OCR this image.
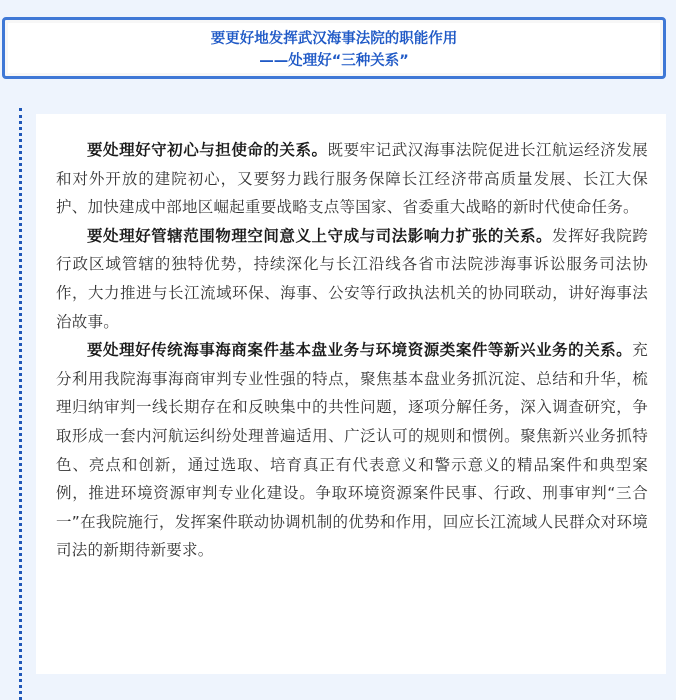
要更好地发挥武汉海事法院的职能作用
——处理好“三种关系”

要处理好守初心与担使命的关系。既要牢记武汉海事法院促进长江航运经济发展和对外开放的建院初心，又要努力践行服务保障长江经济带高质量发展、长江大保护、加快建成中部地区崛起重要战略支点等国家、省委重大战略的新时代使命任务。

要处理好管辖范围物理空间意义上守成与司法影响力扩张的关系。发挥好我院跨行政区域管辖的独特优势，持续深化与长江沿线各省市法院涉海事诉讼服务司法协作，大力推进与长江流域环保、海事、公安等行政执法机关的协同联动，讲好海事法治故事。

要处理好传统海事海商案件基本盘业务与环境资源类案件等新兴业务的关系。充分利用我院海事海商审判专业性强的特点，聚焦基本盘业务抓沉淀、总结和升华，梳理归纳审判一线长期存在和反映集中的共性问题，逐项分解任务，深入调查研究，争取形成一套内河航运纠纷处理普遍适用、广泛认可的规则和惯例。聚焦新兴业务抓特色、亮点和创新，通过选取、培育真正有代表意义和警示意义的精品案件和典型案例，推进环境资源审判专业化建设。争取环境资源案件民事、行政、刑事审判“三合一”在我院施行，发挥案件联动协调机制的优势和作用，回应长江流域人民群众对环境司法的新期待新要求。
